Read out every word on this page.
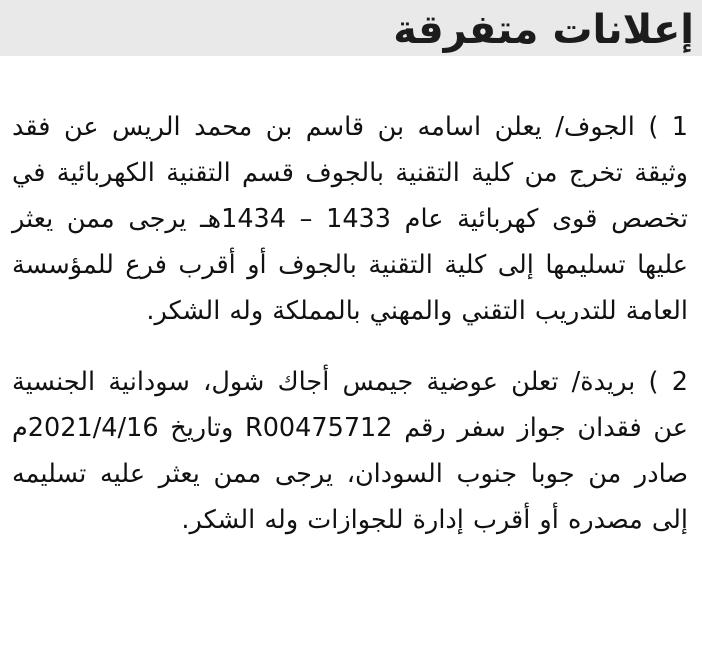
إعلانات متفرقة

1 ) الجوف/ يعلن اسامه بن قاسم بن محمد الريس عن فقد وثيقة تخرج من كلية التقنية بالجوف قسم التقنية الكهربائية في تخصص قوى كهربائية عام 1433 – 1434هـ يرجى ممن يعثر عليها تسليمها إلى كلية التقنية بالجوف أو أقرب فرع للمؤسسة العامة للتدريب التقني والمهني بالمملكة وله الشكر.

2 ) بريدة/ تعلن عوضية جيمس أجاك شول، سودانية الجنسية عن فقدان جواز سفر رقم R00475712 وتاريخ 2021/4/16م صادر من جوبا جنوب السودان، يرجى ممن يعثر عليه تسليمه إلى مصدره أو أقرب إدارة للجوازات وله الشكر.
